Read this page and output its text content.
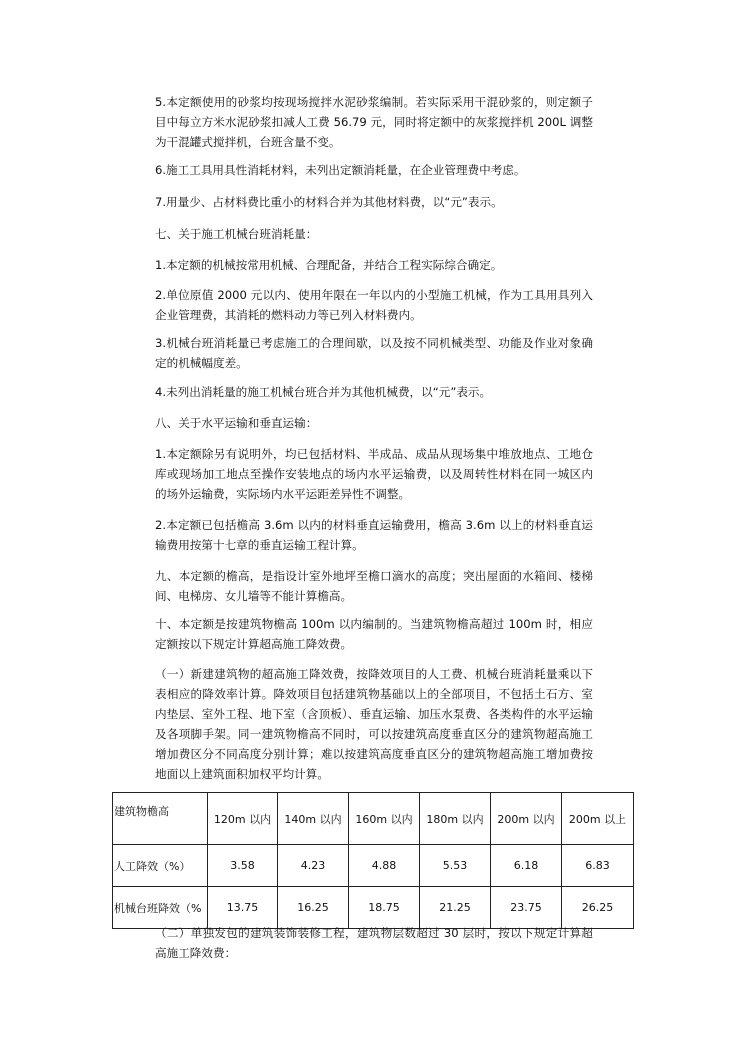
5.本定额使用的砂浆均按现场搅拌水泥砂浆编制。若实际采用干混砂浆的，则定额子目中每立方米水泥砂浆扣减人工费 56.79 元，同时将定额中的灰浆搅拌机 200L 调整为干混罐式搅拌机，台班含量不变。

6.施工工具用具性消耗材料，未列出定额消耗量，在企业管理费中考虑。

7.用量少、占材料费比重小的材料合并为其他材料费，以“元”表示。

七、关于施工机械台班消耗量：

1.本定额的机械按常用机械、合理配备，并结合工程实际综合确定。

2.单位原值 2000 元以内、使用年限在一年以内的小型施工机械，作为工具用具列入企业管理费，其消耗的燃料动力等已列入材料费内。

3.机械台班消耗量已考虑施工的合理间歇，以及按不同机械类型、功能及作业对象确定的机械幅度差。

4.未列出消耗量的施工机械台班合并为其他机械费，以“元”表示。

八、关于水平运输和垂直运输：

1.本定额除另有说明外，均已包括材料、半成品、成品从现场集中堆放地点、工地仓库或现场加工地点至操作安装地点的场内水平运输费，以及周转性材料在同一城区内的场外运输费，实际场内水平运距差异性不调整。

2.本定额已包括檐高 3.6m 以内的材料垂直运输费用，檐高 3.6m 以上的材料垂直运输费用按第十七章的垂直运输工程计算。

九、本定额的檐高，是指设计室外地坪至檐口滴水的高度；突出屋面的水箱间、楼梯间、电梯房、女儿墙等不能计算檐高。

十、本定额是按建筑物檐高 100m 以内编制的。当建筑物檐高超过 100m 时，相应定额按以下规定计算超高施工降效费。

（一）新建建筑物的超高施工降效费，按降效项目的人工费、机械台班消耗量乘以下表相应的降效率计算。降效项目包括建筑物基础以上的全部项目，不包括土石方、室内垫层、室外工程、地下室（含顶板）、垂直运输、加压水泵费、各类构件的水平运输及各项脚手架。同一建筑物檐高不同时，可以按建筑高度垂直区分的建筑物超高施工增加费区分不同高度分别计算；难以按建筑高度垂直区分的建筑物超高施工增加费按地面以上建筑面积加权平均计算。

建筑物檐高	120m 以内	140m 以内	160m 以内	180m 以内	200m 以内	200m 以上
人工降效（%）	3.58	4.23	4.88	5.53	6.18	6.83
机械台班降效（%	13.75	16.25	18.75	21.25	23.75	26.25

（二）单独发包的建筑装饰装修工程，建筑物层数超过 30 层时，按以下规定计算超高施工降效费：
